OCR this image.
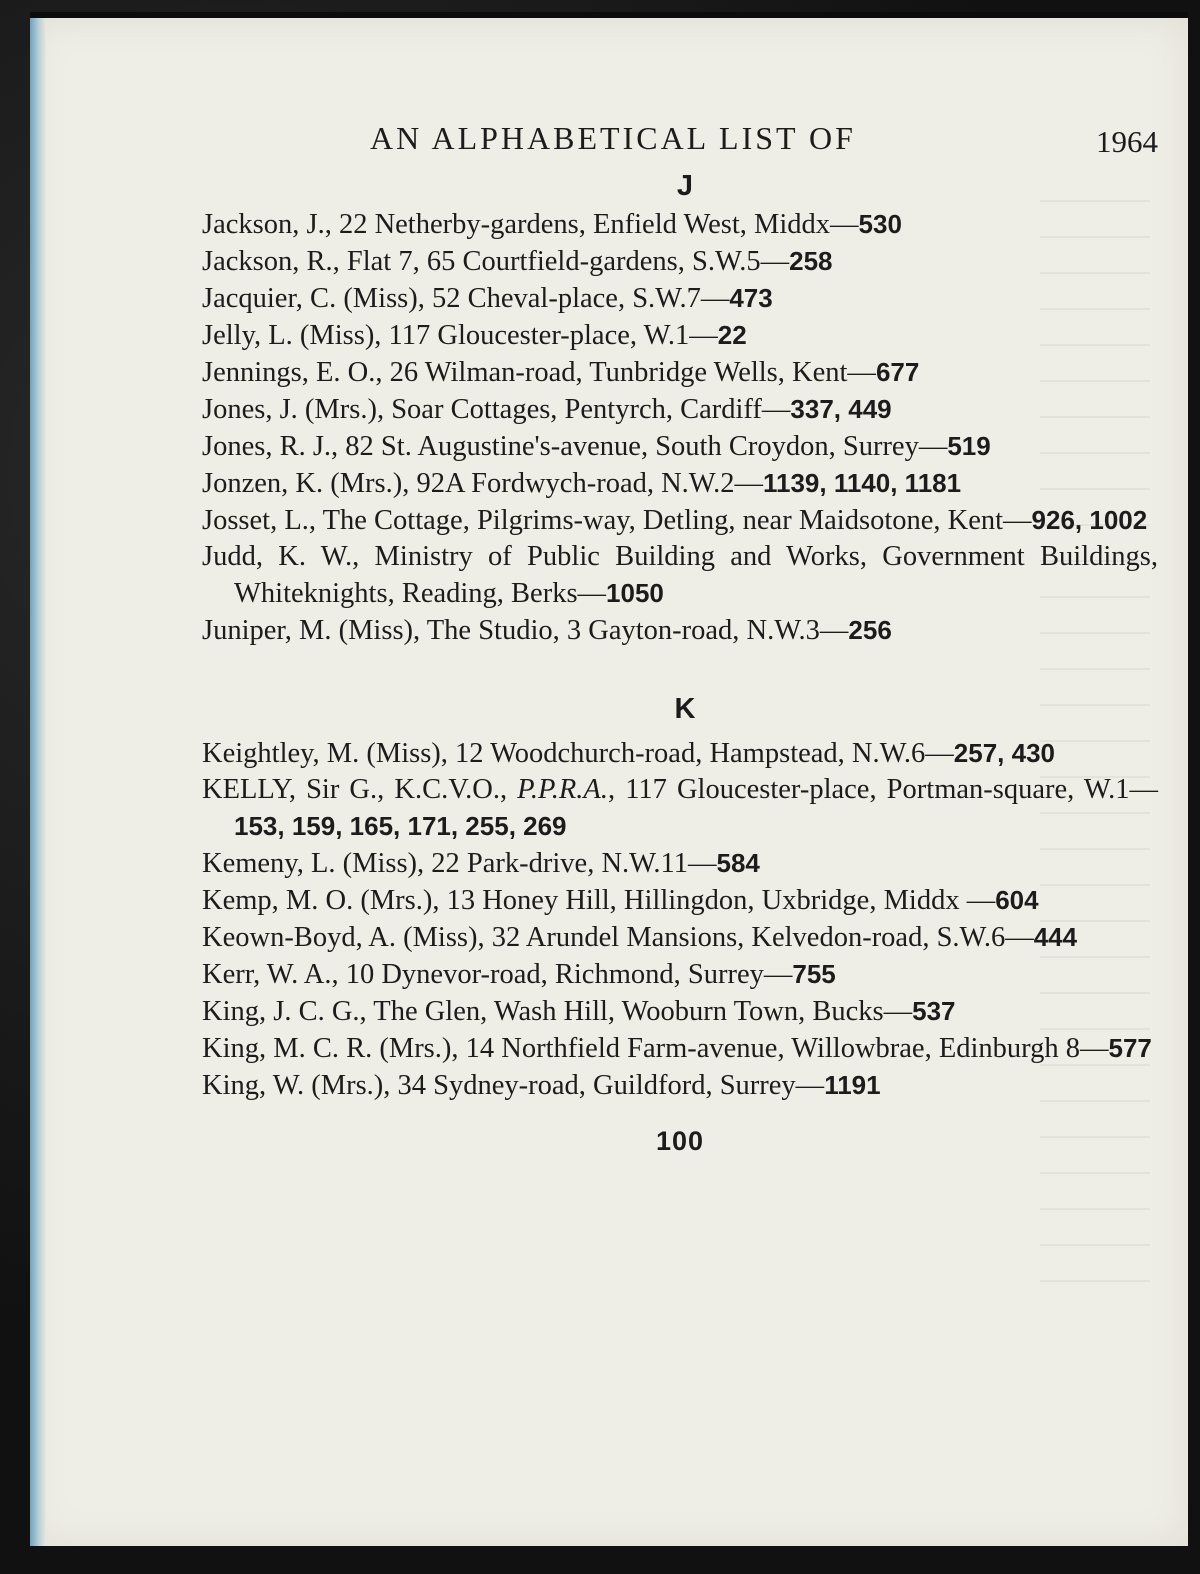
AN ALPHABETICAL LIST OF	1964
J
Jackson, J., 22 Netherby-gardens, Enfield West, Middx—530
Jackson, R., Flat 7, 65 Courtfield-gardens, S.W.5—258
Jacquier, C. (Miss), 52 Cheval-place, S.W.7—473
Jelly, L. (Miss), 117 Gloucester-place, W.1—22
Jennings, E. O., 26 Wilman-road, Tunbridge Wells, Kent—677
Jones, J. (Mrs.), Soar Cottages, Pentyrch, Cardiff—337, 449
Jones, R. J., 82 St. Augustine's-avenue, South Croydon, Surrey—519
Jonzen, K. (Mrs.), 92A Fordwych-road, N.W.2—1139, 1140, 1181
Josset, L., The Cottage, Pilgrims-way, Detling, near Maidsotone, Kent—926, 1002
Judd, K. W., Ministry of Public Building and Works, Government Buildings, Whiteknights, Reading, Berks—1050
Juniper, M. (Miss), The Studio, 3 Gayton-road, N.W.3—256
K
Keightley, M. (Miss), 12 Woodchurch-road, Hampstead, N.W.6—257, 430
KELLY, Sir G., K.C.V.O., P.P.R.A., 117 Gloucester-place, Portman-square, W.1—153, 159, 165, 171, 255, 269
Kemeny, L. (Miss), 22 Park-drive, N.W.11—584
Kemp, M. O. (Mrs.), 13 Honey Hill, Hillingdon, Uxbridge, Middx —604
Keown-Boyd, A. (Miss), 32 Arundel Mansions, Kelvedon-road, S.W.6—444
Kerr, W. A., 10 Dynevor-road, Richmond, Surrey—755
King, J. C. G., The Glen, Wash Hill, Wooburn Town, Bucks—537
King, M. C. R. (Mrs.), 14 Northfield Farm-avenue, Willowbrae, Edinburgh 8—577
King, W. (Mrs.), 34 Sydney-road, Guildford, Surrey—1191
100
